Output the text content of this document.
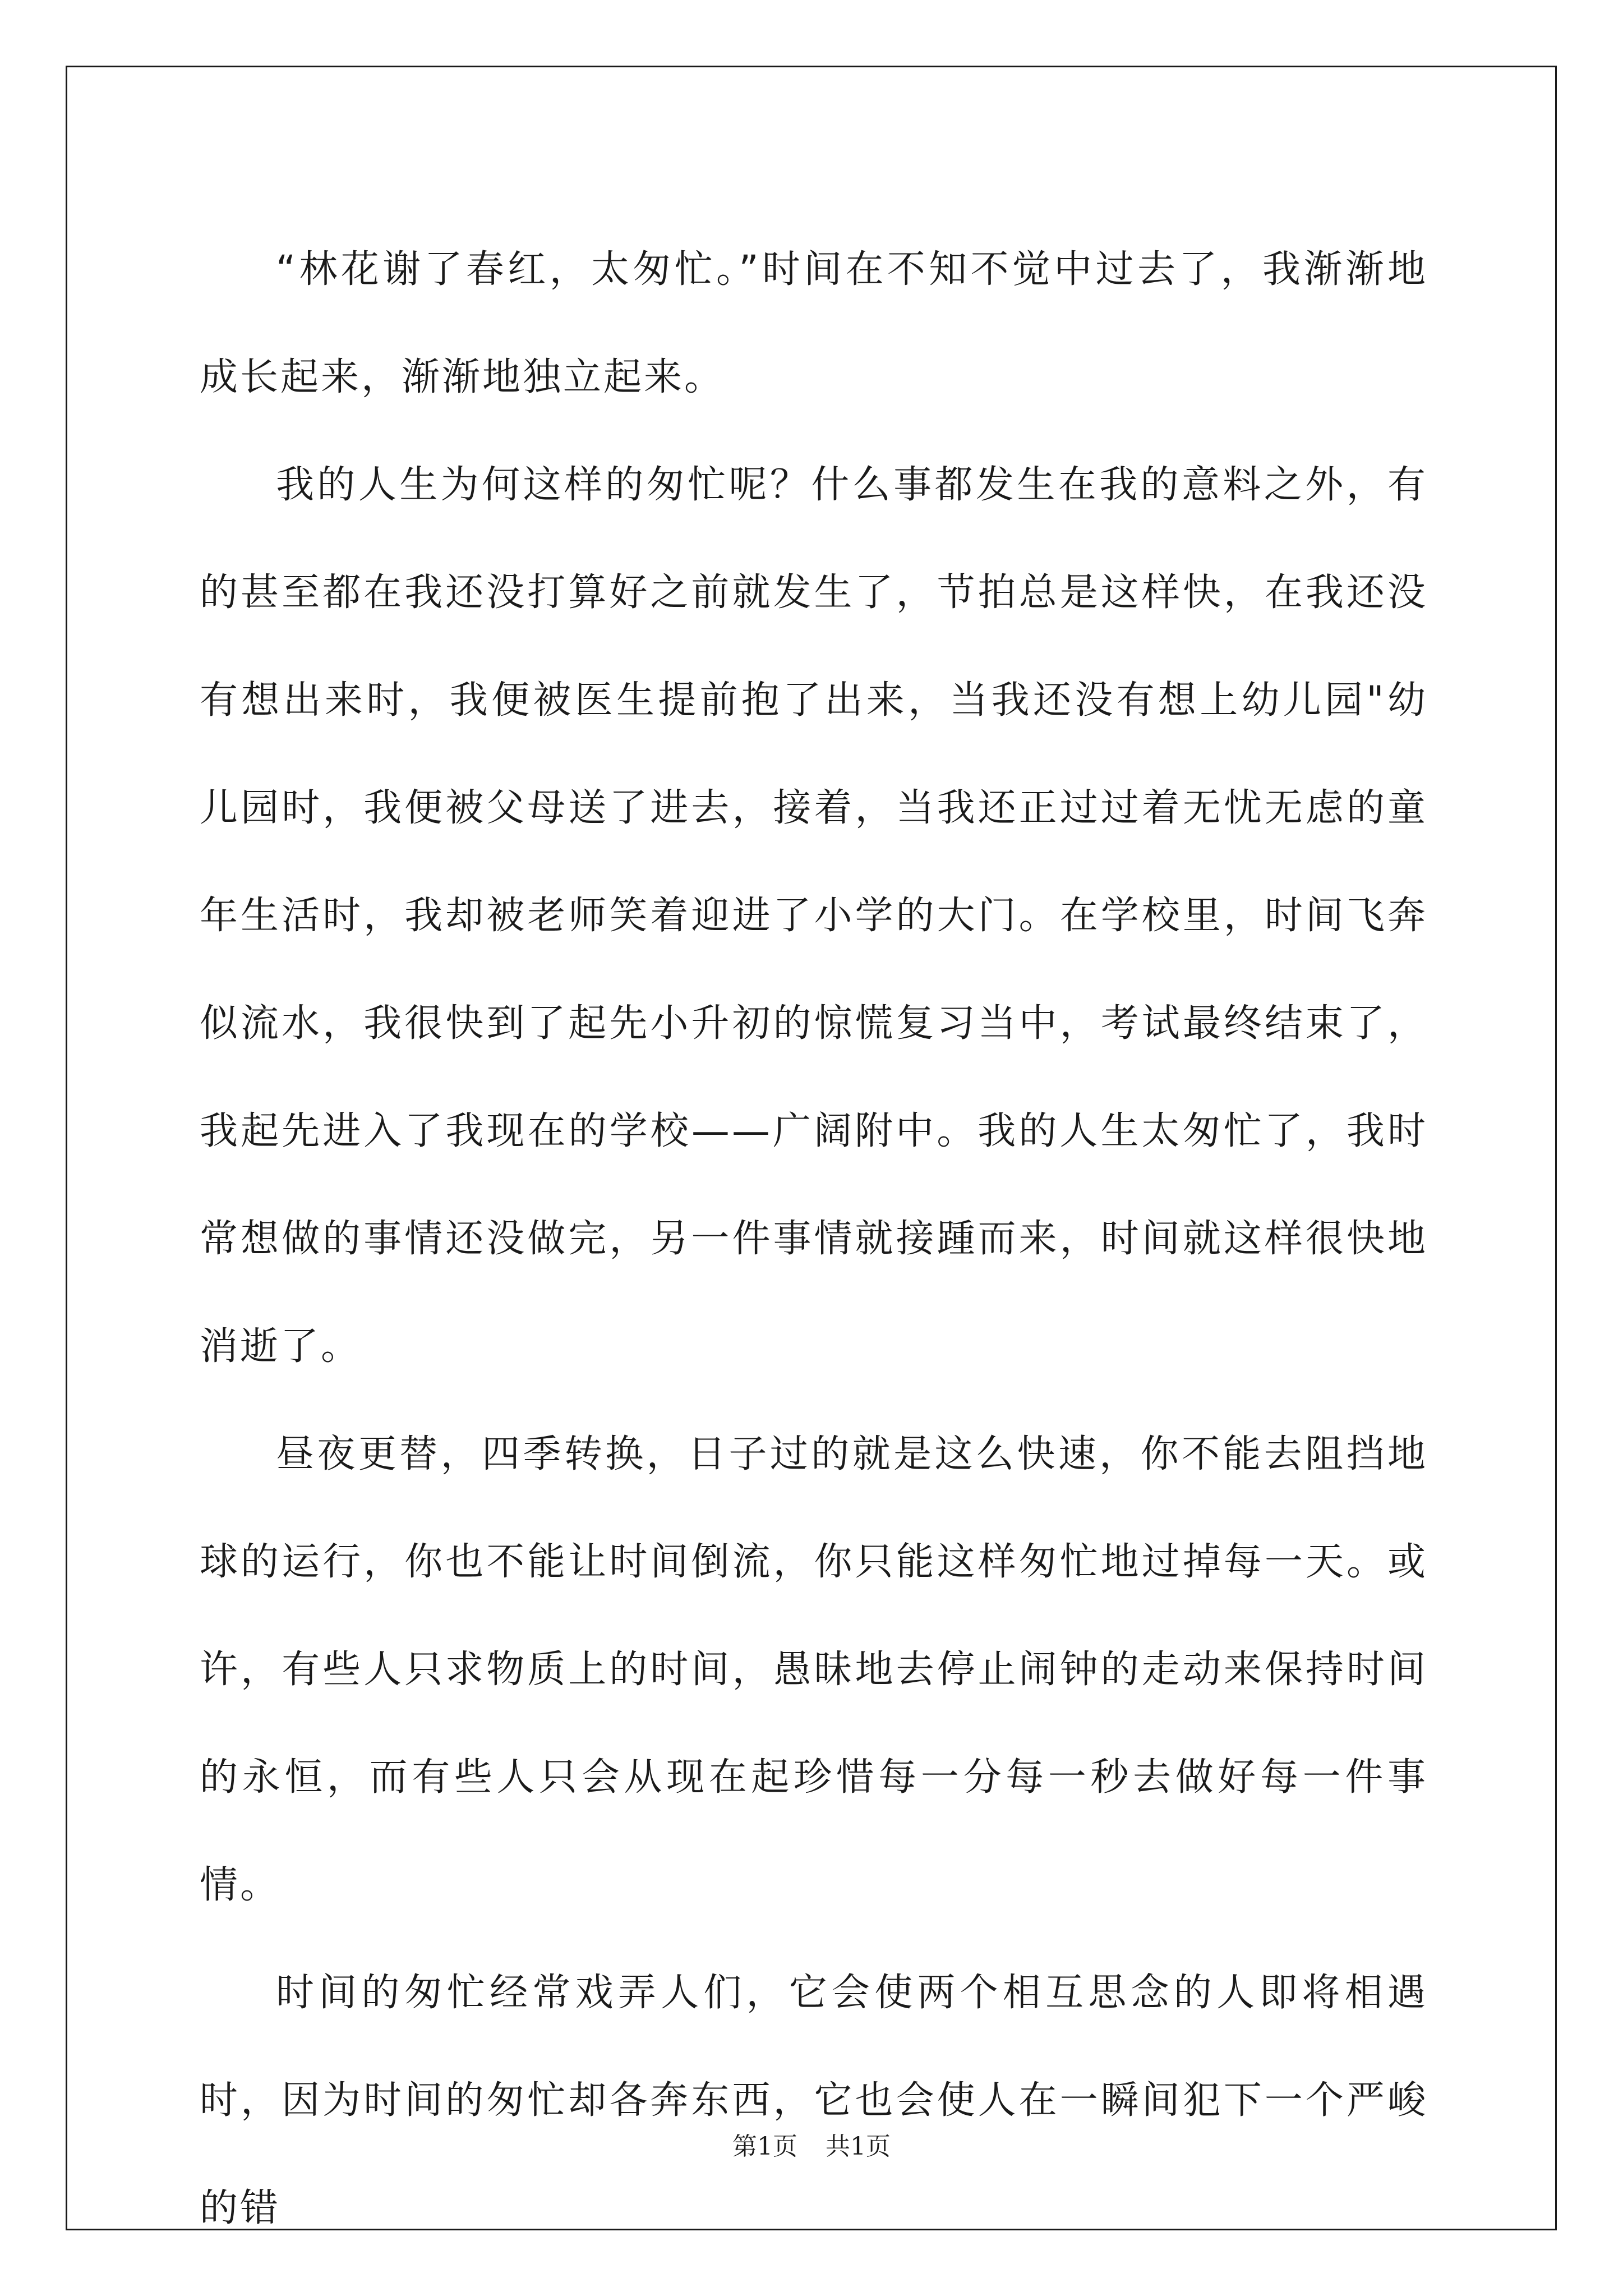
“林花谢了春红，太匆忙。”时间在不知不觉中过去了，我渐渐地成长起来，渐渐地独立起来。

我的人生为何这样的匆忙呢？什么事都发生在我的意料之外，有的甚至都在我还没打算好之前就发生了，节拍总是这样快，在我还没有想出来时，我便被医生提前抱了出来，当我还没有想上幼儿园"幼儿园时，我便被父母送了进去，接着，当我还正过过着无忧无虑的童年生活时，我却被老师笑着迎进了小学的大门。在学校里，时间飞奔似流水，我很快到了起先小升初的惊慌复习当中，考试最终结束了，我起先进入了我现在的学校——广阔附中。我的人生太匆忙了，我时常想做的事情还没做完，另一件事情就接踵而来，时间就这样很快地消逝了。

昼夜更替，四季转换，日子过的就是这么快速，你不能去阻挡地球的运行，你也不能让时间倒流，你只能这样匆忙地过掉每一天。或许，有些人只求物质上的时间，愚昧地去停止闹钟的走动来保持时间的永恒，而有些人只会从现在起珍惜每一分每一秒去做好每一件事情。

时间的匆忙经常戏弄人们，它会使两个相互思念的人即将相遇时，因为时间的匆忙却各奔东西，它也会使人在一瞬间犯下一个严峻的错

第1页 共1页
